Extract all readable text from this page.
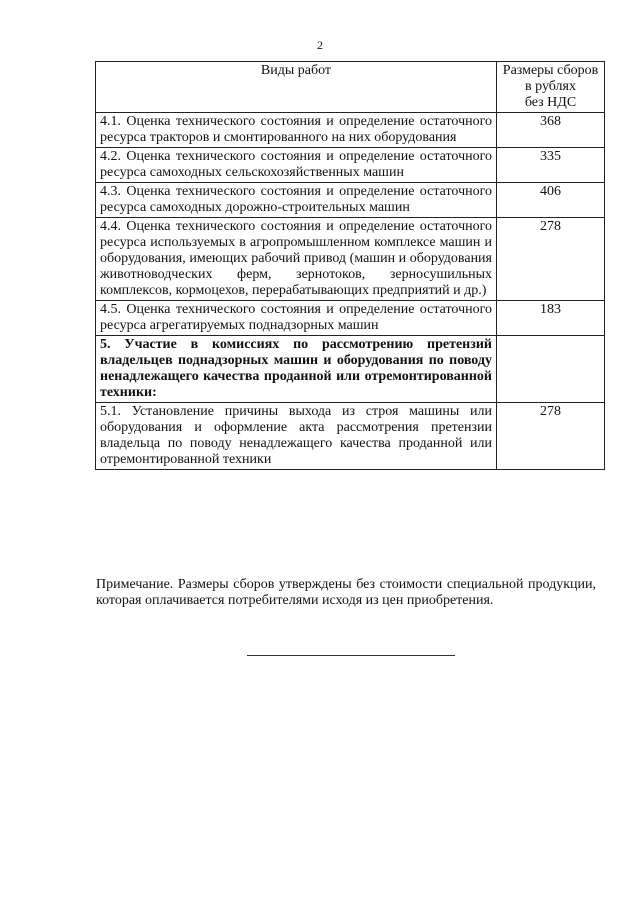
2
Виды работ	Размеры сборов
в рублях
без НДС

4.1. Оценка технического состояния и определение остаточного ресурса тракторов и смонтированного на них оборудования	368
4.2. Оценка технического состояния и определение остаточного ресурса самоходных сельскохозяйственных машин	335
4.3. Оценка технического состояния и определение остаточного ресурса самоходных дорожно-строительных машин	406
4.4. Оценка технического состояния и определение остаточного ресурса используемых в агропромышленном комплексе машин и оборудования, имеющих рабочий привод (машин и оборудования животноводческих ферм, зернотоков, зерносушильных комплексов, кормоцехов, перерабатывающих предприятий и др.)	278
4.5. Оценка технического состояния и определение остаточного ресурса агрегатируемых поднадзорных машин	183
5. Участие в комиссиях по рассмотрению претензий владельцев поднадзорных машин и оборудования по поводу ненадлежащего качества проданной или отремонтированной техники:	
5.1. Установление причины выхода из строя машины или оборудования и оформление акта рассмотрения претензии владельца по поводу ненадлежащего качества проданной или отремонтированной техники	278
Примечание. Размеры сборов утверждены без стоимости специальной продукции, которая оплачивается потребителями исходя из цен приобретения.
